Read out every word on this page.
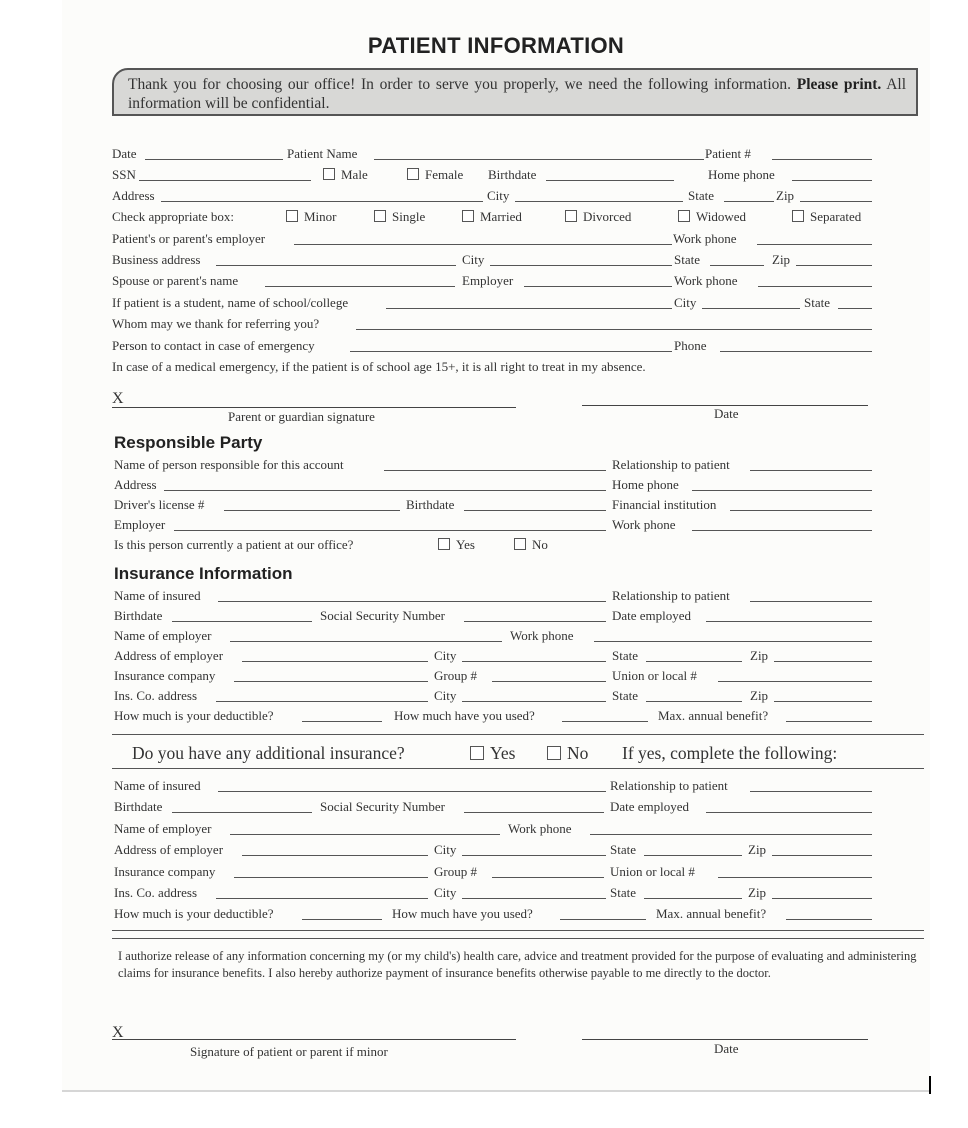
PATIENT INFORMATION
Thank you for choosing our office! In order to serve you properly, we need the following information. Please print. All information will be confidential.
Date	Patient Name	Patient #
SSN	Male	Female Birthdate	Home phone
Address	City	State	Zip
Check appropriate box:	Minor	Single	Married	Divorced	Widowed	Separated
Patient's or parent's employer	Work phone
Business address	City	State	Zip
Spouse or parent's name	Employer	Work phone
If patient is a student, name of school/college	City	State
Whom may we thank for referring you?
Person to contact in case of emergency	Phone
In case of a medical emergency, if the patient is of school age 15+, it is all right to treat in my absence.
X
Parent or guardian signature	Date
Responsible Party
Name of person responsible for this account	Relationship to patient
Address	Home phone
Driver's license #	Birthdate	Financial institution
Employer	Work phone
Is this person currently a patient at our office?	Yes	No
Insurance Information
Name of insured	Relationship to patient
Birthdate	Social Security Number	Date employed
Name of employer	Work phone
Address of employer	City	State	Zip
Insurance company	Group #	Union or local #
Ins. Co. address	City	State	Zip
How much is your deductible?	How much have you used?	Max. annual benefit?
Do you have any additional insurance?	Yes	No If yes, complete the following:
Name of insured	Relationship to patient
Birthdate	Social Security Number	Date employed
Name of employer	Work phone
Address of employer	City	State	Zip
Insurance company	Group #	Union or local #
Ins. Co. address	City	State	Zip
How much is your deductible?	How much have you used?	Max. annual benefit?
I authorize release of any information concerning my (or my child's) health care, advice and treatment provided for the purpose of evaluating and administering claims for insurance benefits. I also hereby authorize payment of insurance benefits otherwise payable to me directly to the doctor.
X
Signature of patient or parent if minor	Date
